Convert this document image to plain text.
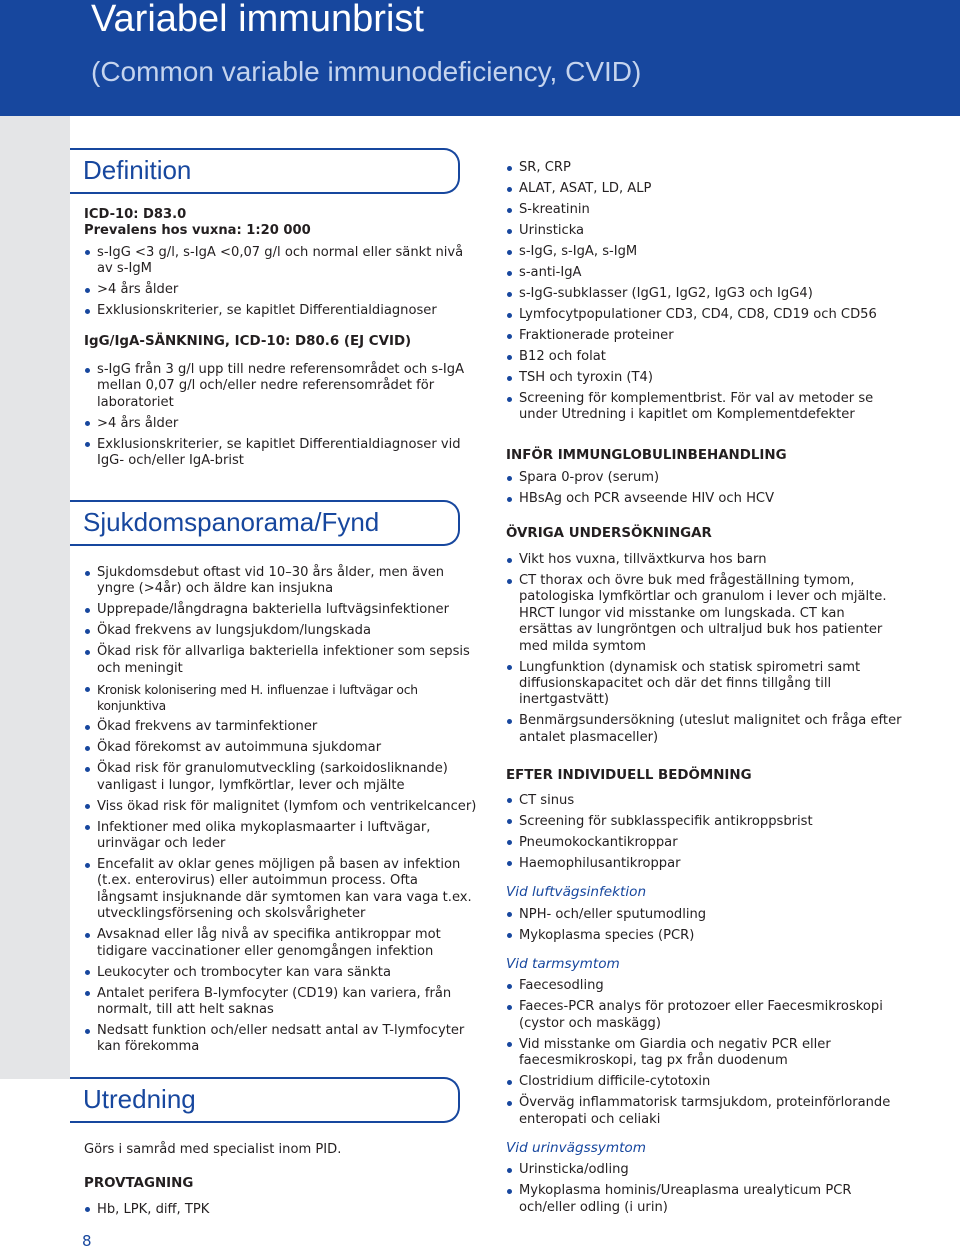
Variabel immunbrist
(Common variable immunodeficiency, CVID)
Definition
Sjukdomspanorama/Fynd
Utredning

ICD-10: D83.0

Prevalens hos vuxna: 1:20 000

s-IgG <3 g/l, s-IgA <0,07 g/l och normal eller sänkt nivå av s-IgM
>4 års ålder
Exklusionskriterier, se kapitlet Differentialdiagnoser

IgG/IgA-SÄNKNING, ICD-10: D80.6 (EJ CVID)

s-IgG från 3 g/l upp till nedre referensområdet och s-IgA mellan 0,07 g/l och/eller nedre referensområdet för laboratoriet
>4 års ålder
Exklusionskriterier, se kapitlet Differentialdiagnoser vid IgG- och/eller IgA-brist
Sjukdomsdebut oftast vid 10–30 års ålder, men även yngre (>4år) och äldre kan insjukna
Upprepade/långdragna bakteriella luftvägsinfektioner
Ökad frekvens av lungsjukdom/lungskada
Ökad risk för allvarliga bakteriella infektioner som sepsis och meningit
Kronisk kolonisering med H. influenzae i luftvägar och konjunktiva
Ökad frekvens av tarminfektioner
Ökad förekomst av autoimmuna sjukdomar
Ökad risk för granulomutveckling (sarkoidosliknande) vanligast i lungor, lymfkörtlar, lever och mjälte
Viss ökad risk för malignitet (lymfom och ventrikelcancer)
Infektioner med olika mykoplasmaarter i luftvägar, urinvägar och leder
Encefalit av oklar genes möjligen på basen av infektion (t.ex. enterovirus) eller autoimmun process. Ofta långsamt insjuknande där symtomen kan vara vaga t.ex. utvecklingsförsening och skolsvårigheter
Avsaknad eller låg nivå av specifika antikroppar mot tidigare vaccinationer eller genomgången infektion
Leukocyter och trombocyter kan vara sänkta
Antalet perifera B-lymfocyter (CD19) kan variera, från normalt, till att helt saknas
Nedsatt funktion och/eller nedsatt antal av T-lymfocyter kan förekomma

Görs i samråd med specialist inom PID.

PROVTAGNING

Hb, LPK, diff, TPK
SR, CRP
ALAT, ASAT, LD, ALP
S-kreatinin
Urinsticka
s-IgG, s-IgA, s-IgM
s-anti-IgA
s-IgG-subklasser (IgG1, IgG2, IgG3 och IgG4)
Lymfocytpopulationer CD3, CD4, CD8, CD19 och CD56
Fraktionerade proteiner
B12 och folat
TSH och tyroxin (T4)
Screening för komplementbrist. För val av metoder se under Utredning i kapitlet om Komplementdefekter

INFÖR IMMUNGLOBULINBEHANDLING

Spara 0-prov (serum)
HBsAg och PCR avseende HIV och HCV

ÖVRIGA UNDERSÖKNINGAR

Vikt hos vuxna, tillväxtkurva hos barn
CT thorax och övre buk med frågeställning tymom, patologiska lymfkörtlar och granulom i lever och mjälte. HRCT lungor vid misstanke om lungskada. CT kan ersättas av lungröntgen och ultraljud buk hos patienter med milda symtom
Lungfunktion (dynamisk och statisk spirometri samt diffusionskapacitet och där det finns tillgång till inertgastvätt)
Benmärgsundersökning (uteslut malignitet och fråga efter antalet plasmaceller)

EFTER INDIVIDUELL BEDÖMNING

CT sinus
Screening för subklasspecifik antikroppsbrist
Pneumokockantikroppar
Haemophilusantikroppar

Vid luftvägsinfektion

NPH- och/eller sputumodling
Mykoplasma species (PCR)

Vid tarmsymtom

Faecesodling
Faeces-PCR analys för protozoer eller Faecesmikroskopi (cystor och maskägg)
Vid misstanke om Giardia och negativ PCR eller faecesmikroskopi, tag px från duodenum
Clostridium difficile-cytotoxin
Överväg inflammatorisk tarmsjukdom, proteinförlorande enteropati och celiaki

Vid urinvägssymtom

Urinsticka/odling
Mykoplasma hominis/Ureaplasma urealyticum PCR och/eller odling (i urin)
8
